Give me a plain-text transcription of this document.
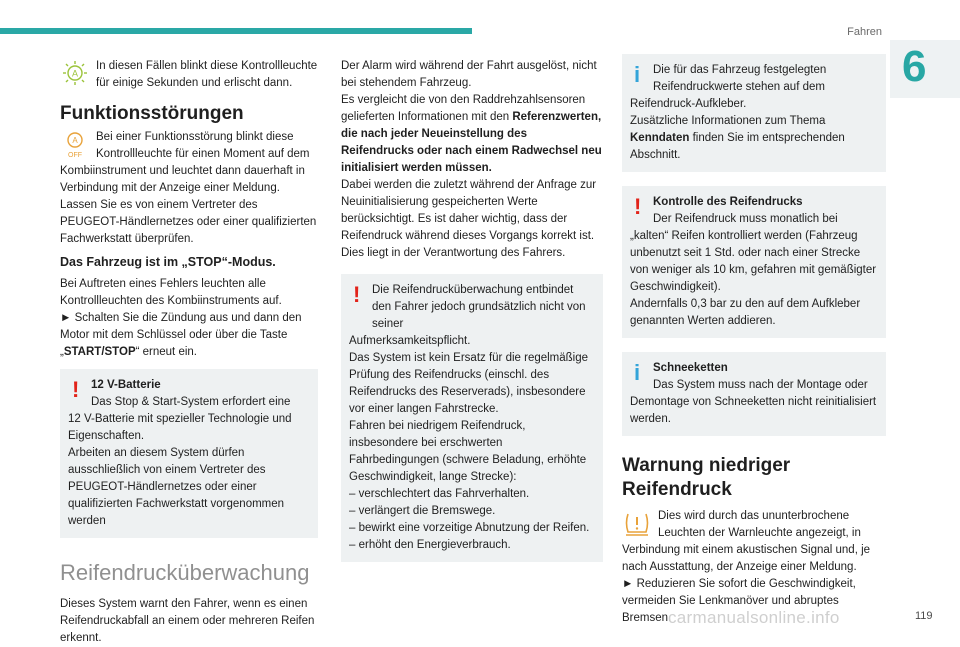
Fahren
6
A

In diesen Fällen blinkt diese Kontrollleuchte für einige Sekunden und erlischt dann.

Funktionsstörungen
A
OFF

Bei einer Funktionsstörung blinkt diese Kontrollleuchte für einen Moment auf dem

Kombiinstrument und leuchtet dann dauerhaft in Verbindung mit der Anzeige einer Meldung.

Lassen Sie es von einem Vertreter des PEUGEOT-Händlernetzes oder einer qualifizierten Fachwerkstatt überprüfen.

Das Fahrzeug ist im „STOP“-Modus.

Bei Auftreten eines Fehlers leuchten alle Kontrollleuchten des Kombiinstruments auf.

► Schalten Sie die Zündung aus und dann den Motor mit dem Schlüssel oder über die Taste „START/STOP“ erneut ein.

!	12 V-Batterie

Das Stop & Start-System erfordert eine

12 V-Batterie mit spezieller Technologie und Eigenschaften.

Arbeiten an diesem System dürfen ausschließlich von einem Vertreter des PEUGEOT-Händlernetzes oder einer qualifizierten Fachwerkstatt vorgenommen werden

Reifendrucküberwachung

Dieses System warnt den Fahrer, wenn es einen Reifendruckabfall an einem oder mehreren Reifen erkennt.

Der Alarm wird während der Fahrt ausgelöst, nicht bei stehendem Fahrzeug.

Es vergleicht die von den Raddrehzahlsensoren gelieferten Informationen mit den Referenzwerten, die nach jeder Neueinstellung des Reifendrucks oder nach einem Radwechsel neu initialisiert werden müssen.

Dabei werden die zuletzt während der Anfrage zur Neuinitialisierung gespeicherten Werte berücksichtigt. Es ist daher wichtig, dass der Reifendruck während dieses Vorgangs korrekt ist.

Dies liegt in der Verantwortung des Fahrers.

!	Die Reifendrucküberwachung entbindet den Fahrer jedoch grundsätzlich nicht von seiner

Aufmerksamkeitspflicht.

Das System ist kein Ersatz für die regelmäßige Prüfung des Reifendrucks (einschl. des Reifendrucks des Reserverads), insbesondere vor einer langen Fahrstrecke.

Fahren bei niedrigem Reifendruck, insbesondere bei erschwerten Fahrbedingungen (schwere Beladung, erhöhte Geschwindigkeit, lange Strecke):

– verschlechtert das Fahrverhalten.

– verlängert die Bremswege.

– bewirkt eine vorzeitige Abnutzung der Reifen.

– erhöht den Energieverbrauch.

i	Die für das Fahrzeug festgelegten Reifendruckwerte stehen auf dem

Reifendruck-Aufkleber.

Zusätzliche Informationen zum Thema Kenndaten finden Sie im entsprechenden Abschnitt.

!	Kontrolle des Reifendrucks

Der Reifendruck muss monatlich bei

„kalten“ Reifen kontrolliert werden (Fahrzeug unbenutzt seit 1 Std. oder nach einer Strecke von weniger als 10 km, gefahren mit gemäßigter Geschwindigkeit).

Andernfalls 0,3 bar zu den auf dem Aufkleber genannten Werten addieren.

i	Schneeketten

Das System muss nach der Montage oder

Demontage von Schneeketten nicht reinitialisiert werden.

Warnung niedriger Reifendruck

Dies wird durch das ununterbrochene Leuchten der Warnleuchte angezeigt, in

Verbindung mit einem akustischen Signal und, je nach Ausstattung, der Anzeige einer Meldung.

► Reduzieren Sie sofort die Geschwindigkeit, vermeiden Sie Lenkmanöver und abruptes Bremsen.

carmanualsonline.info	119
